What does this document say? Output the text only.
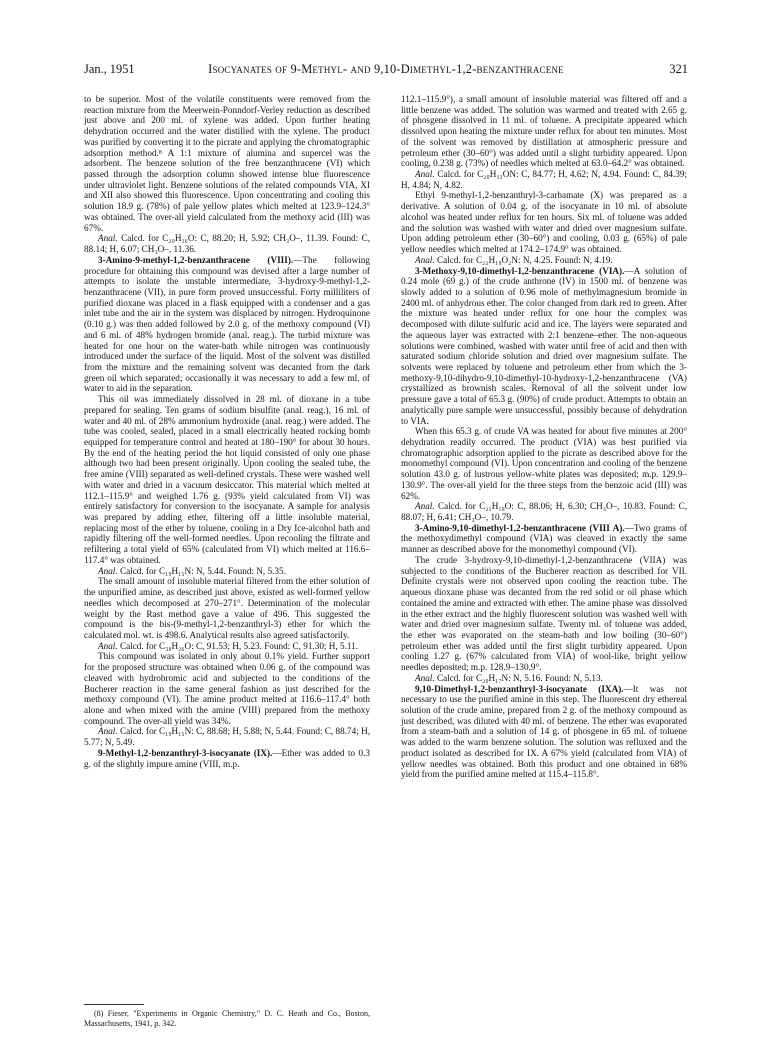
Jan., 1951	Isocyanates of 9-Methyl- and 9,10-Dimethyl-1,2-benzanthracene	321

to be superior. Most of the volatile constituents were removed from the reaction mixture from the Meerwein-Ponndorf-Verley reduction as described just above and 200 ml. of xylene was added. Upon further heating dehydration occurred and the water distilled with the xylene. The product was purified by converting it to the picrate and applying the chromatographic adsorption method.⁸ A 1:1 mixture of alumina and supercel was the adsorbent. The benzene solution of the free benzanthracene (VI) which passed through the adsorption column showed intense blue fluorescence under ultraviolet light. Benzene solutions of the related compounds VIA, XI and XII also showed this fluorescence. Upon concentrating and cooling this solution 18.9 g. (78%) of pale yellow plates which melted at 123.9–124.3° was obtained. The over-all yield calculated from the methoxy acid (III) was 67%.

Anal. Calcd. for C₂₀H₁₆O: C, 88.20; H, 5.92; CH₃O–, 11.39. Found: C, 88.14; H, 6.07; CH₃O–, 11.36.

3-Amino-9-methyl-1,2-benzanthracene (VIII).—The following procedure for obtaining this compound was devised after a large number of attempts to isolate the unstable intermediate, 3-hydroxy-9-methyl-1,2-benzanthracene (VII), in pure form proved unsuccessful. Forty milliliters of purified dioxane was placed in a flask equipped with a condenser and a gas inlet tube and the air in the system was displaced by nitrogen. Hydroquinone (0.10 g.) was then added followed by 2.0 g. of the methoxy compound (VI) and 6 ml. of 48% hydrogen bromide (anal. reag.). The turbid mixture was heated for one hour on the water-bath while nitrogen was continuously introduced under the surface of the liquid. Most of the solvent was distilled from the mixture and the remaining solvent was decanted from the dark green oil which separated; occasionally it was necessary to add a few ml. of water to aid in the separation.

This oil was immediately dissolved in 28 ml. of dioxane in a tube prepared for sealing. Ten grams of sodium bisulfite (anal. reag.), 16 ml. of water and 40 ml. of 28% ammonium hydroxide (anal. reag.) were added. The tube was cooled, sealed, placed in a small electrically heated rocking bomb equipped for temperature control and heated at 180–190° for about 30 hours. By the end of the heating period the hot liquid consisted of only one phase although two had been present originally. Upon cooling the sealed tube, the free amine (VIII) separated as well-defined crystals. These were washed well with water and dried in a vacuum desiccator. This material which melted at 112.1–115.9° and weighed 1.76 g. (93% yield calculated from VI) was entirely satisfactory for conversion to the isocyanate. A sample for analysis was prepared by adding ether, filtering off a little insoluble material, replacing most of the ether by toluene, cooling in a Dry Ice-alcohol bath and rapidly filtering off the well-formed needles. Upon recooling the filtrate and refiltering a total yield of 65% (calculated from VI) which melted at 116.6–117.4° was obtained.

Anal. Calcd. for C₁₉H₁₅N: N, 5.44. Found: N, 5.35.

The small amount of insoluble material filtered from the ether solution of the unpurified amine, as described just above, existed as well-formed yellow needles which decomposed at 270–271°. Determination of the molecular weight by the Rast method gave a value of 496. This suggested the compound is the bis-(9-methyl-1,2-benzanthryl-3) ether for which the calculated mol. wt. is 498.6. Analytical results also agreed satisfactorily.

Anal. Calcd. for C₃₈H₂₆O: C, 91.53; H, 5.23. Found: C, 91.30; H, 5.11.

This compound was isolated in only about 0.1% yield. Further support for the proposed structure was obtained when 0.06 g. of the compound was cleaved with hydrobromic acid and subjected to the conditions of the Bucherer reaction in the same general fashion as just described for the methoxy compound (VI). The amine product melted at 116.6–117.4° both alone and when mixed with the amine (VIII) prepared from the methoxy compound. The over-all yield was 34%.

Anal. Calcd. for C₁₉H₁₅N: C, 88.68; H, 5.88; N, 5.44. Found: C, 88.74; H, 5.77; N, 5.49.

9-Methyl-1,2-benzanthryl-3-isocyanate (IX).—Ether was added to 0.3 g. of the slightly impure amine (VIII, m.p.

112.1–115.9°), a small amount of insoluble material was filtered off and a little benzene was added. The solution was warmed and treated with 2.65 g. of phosgene dissolved in 11 ml. of toluene. A precipitate appeared which dissolved upon heating the mixture under reflux for about ten minutes. Most of the solvent was removed by distillation at atmospheric pressure and petroleum ether (30–60°) was added until a slight turbidity appeared. Upon cooling, 0.238 g. (73%) of needles which melted at 63.0–64.2° was obtained.

Anal. Calcd. for C₂₀H₁₃ON: C, 84.77; H, 4.62; N, 4.94. Found: C, 84.39; H, 4.84; N, 4.82.

Ethyl 9-methyl-1,2-benzanthryl-3-carbamate (X) was prepared as a derivative. A solution of 0.04 g. of the isocyanate in 10 ml. of absolute alcohol was heated under reflux for ten hours. Six ml. of toluene was added and the solution was washed with water and dried over magnesium sulfate. Upon adding petroleum ether (30–60°) and cooling, 0.03 g. (65%) of pale yellow needles which melted at 174.2–174.9° was obtained.

Anal. Calcd. for C₂₂H₁₉O₂N: N, 4.25. Found: N, 4.19.

3-Methoxy-9,10-dimethyl-1,2-benzanthracene (VIA).—A solution of 0.24 mole (69 g.) of the crude anthrone (IV) in 1500 ml. of benzene was slowly added to a solution of 0.96 mole of methylmagnesium bromide in 2400 ml. of anhydrous ether. The color changed from dark red to green. After the mixture was heated under reflux for one hour the complex was decomposed with dilute sulfuric acid and ice. The layers were separated and the aqueous layer was extracted with 2:1 benzene–ether. The non-aqueous solutions were combined, washed with water until free of acid and then with saturated sodium chloride solution and dried over magnesium sulfate. The solvents were replaced by toluene and petroleum ether from which the 3-methoxy-9,10-dihydro-9,10-dimethyl-10-hydroxy-1,2-benzanthracene (VA) crystallized as brownish scales. Removal of all the solvent under low pressure gave a total of 65.3 g. (90%) of crude product. Attempts to obtain an analytically pure sample were unsuccessful, possibly because of dehydration to VIA.

When this 65.3 g. of crude VA was heated for about five minutes at 200° dehydration readily occurred. The product (VIA) was best purified via chromatographic adsorption applied to the picrate as described above for the monomethyl compound (VI). Upon concentration and cooling of the benzene solution 43.0 g. of lustrous yellow-white plates was deposited; m.p. 129.9–130.9°. The over-all yield for the three steps from the benzoic acid (III) was 62%.

Anal. Calcd. for C₂₁H₁₈O: C, 88.06; H, 6.30; CH₃O–, 10.83. Found: C, 88.07; H, 6.41; CH₃O–, 10.79.

3-Amino-9,10-dimethyl-1,2-benzanthracene (VIII A).—Two grams of the methoxydimethyl compound (VIA) was cleaved in exactly the same manner as described above for the monomethyl compound (VI).

The crude 3-hydroxy-9,10-dimethyl-1,2-benzanthracene (VIIA) was subjected to the conditions of the Bucherer reaction as described for VII. Definite crystals were not observed upon cooling the reaction tube. The aqueous dioxane phase was decanted from the red solid or oil phase which contained the amine and extracted with ether. The amine phase was dissolved in the ether extract and the highly fluorescent solution was washed well with water and dried over magnesium sulfate. Twenty ml. of toluene was added, the ether was evaporated on the steam-bath and low boiling (30–60°) petroleum ether was added until the first slight turbidity appeared. Upon cooling 1.27 g. (67% calculated from VIA) of wool-like, bright yellow needles deposited; m.p. 128.9–130.9°.

Anal. Calcd. for C₂₀H₁₇N: N, 5.16. Found: N, 5.13.

9,10-Dimethyl-1,2-benzanthryl-3-isocyanate (IXA).—It was not necessary to use the purified amine in this step. The fluorescent dry ethereal solution of the crude amine, prepared from 2 g. of the methoxy compound as just described, was diluted with 40 ml. of benzene. The ether was evaporated from a steam-bath and a solution of 14 g. of phosgene in 65 ml. of toluene was added to the warm benzene solution. The solution was refluxed and the product isolated as described for IX. A 67% yield (calculated from VIA) of yellow needles was obtained. Both this product and one obtained in 68% yield from the purified amine melted at 115.4–115.8°.

(8) Fieser, "Experiments in Organic Chemistry," D. C. Heath and Co., Boston, Massachusetts, 1941, p. 342.
